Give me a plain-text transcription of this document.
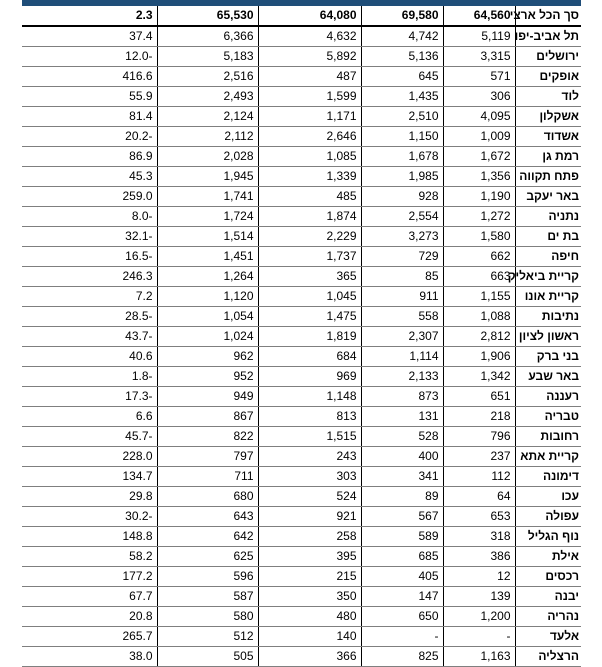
2.3	65,530	64,080	69,580	64,560	סך הכל ארצי
37.4	6,366	4,632	4,742	5,119	תל אביב-יפו
12.0-	5,183	5,892	5,136	3,315	ירושלים
416.6	2,516	487	645	571	אופקים
55.9	2,493	1,599	1,435	306	לוד
81.4	2,124	1,171	2,510	4,095	אשקלון
20.2-	2,112	2,646	1,150	1,009	אשדוד
86.9	2,028	1,085	1,678	1,672	רמת גן
45.3	1,945	1,339	1,985	1,356	פתח תקווה
259.0	1,741	485	928	1,190	באר יעקב
8.0-	1,724	1,874	2,554	1,272	נתניה
32.1-	1,514	2,229	3,273	1,580	בת ים
16.5-	1,451	1,737	729	662	חיפה
246.3	1,264	365	85	663	קריית ביאליק
7.2	1,120	1,045	911	1,155	קריית אונו
28.5-	1,054	1,475	558	1,088	נתיבות
43.7-	1,024	1,819	2,307	2,812	ראשון לציון
40.6	962	684	1,114	1,906	בני ברק
1.8-	952	969	2,133	1,342	באר שבע
17.3-	949	1,148	873	651	רעננה
6.6	867	813	131	218	טבריה
45.7-	822	1,515	528	796	רחובות
228.0	797	243	400	237	קריית אתא
134.7	711	303	341	112	דימונה
29.8	680	524	89	64	עכו
30.2-	643	921	567	653	עפולה
148.8	642	258	589	318	נוף הגליל
58.2	625	395	685	386	אילת
177.2	596	215	405	12	רכסים
67.7	587	350	147	139	יבנה
20.8	580	480	650	1,200	נהריה
265.7	512	140	-	-	אלעד
38.0	505	366	825	1,163	הרצליה
